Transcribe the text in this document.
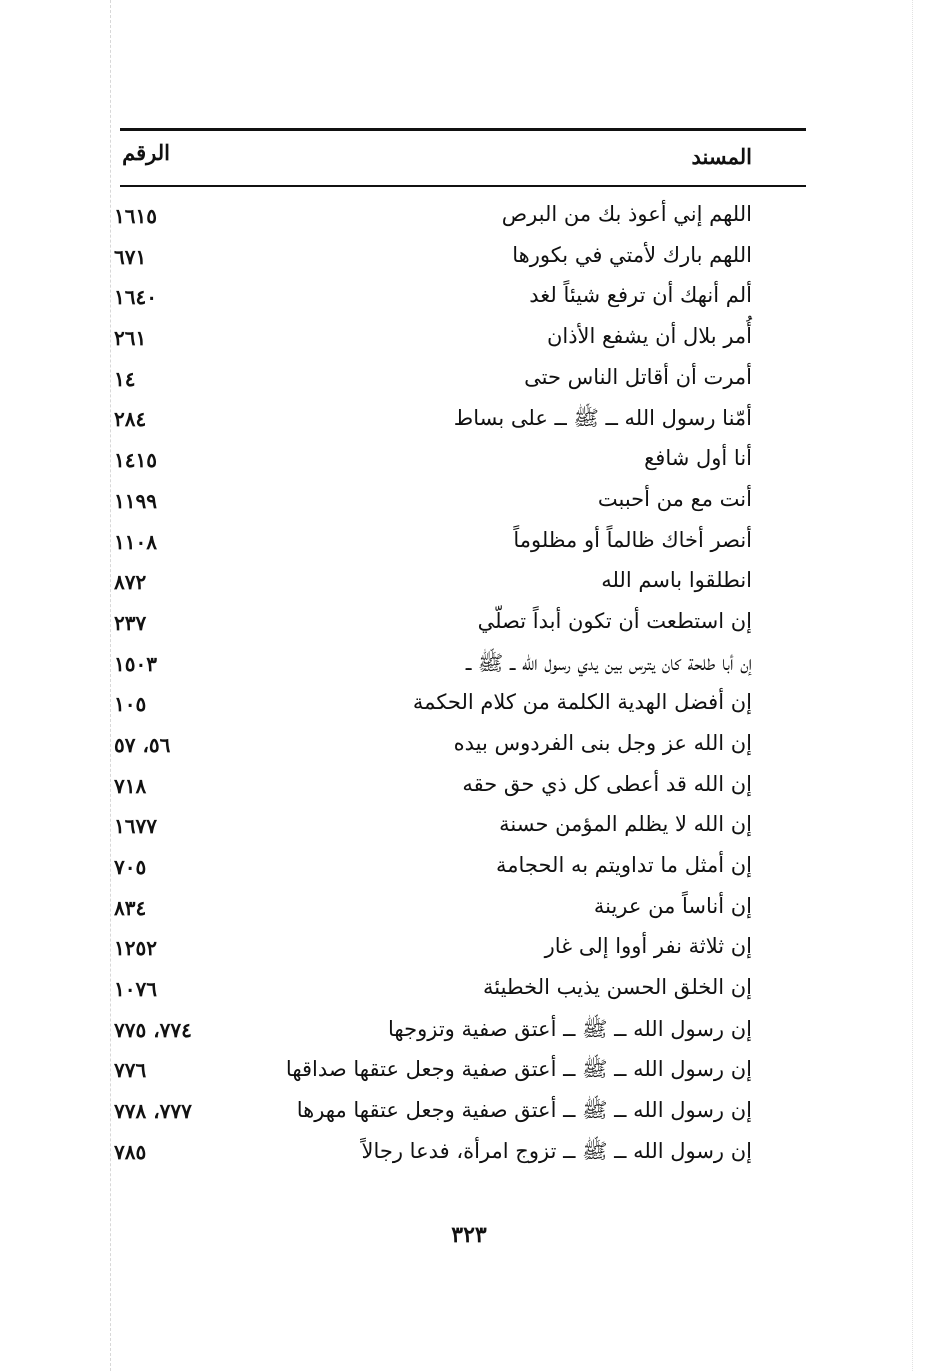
المسند
الرقم
اللهم إني أعوذ بك من البرص
١٦١٥
اللهم بارك لأمتي في بكورها
٦٧١
ألم أنهك أن ترفع شيئاً لغد
١٦٤٠
أُمر بلال أن يشفع الأذان
٢٦١
أمرت أن أقاتل الناس حتى
١٤
أمّنا رسول الله ــ ﷺ ــ على بساط
٢٨٤
أنا أول شافع
١٤١٥
أنت مع من أحببت
١١٩٩
أنصر أخاك ظالماً أو مظلوماً
١١٠٨
انطلقوا باسم الله
٨٧٢
إن استطعت أن تكون أبداً تصلّي
٢٣٧
إن أبا طلحة كان يترس بين يدي رسول الله ــ ﷺ ــ
١٥٠٣
إن أفضل الهدية الكلمة من كلام الحكمة
١٠٥
إن الله عز وجل بنى الفردوس بيده
٥٦، ٥٧
إن الله قد أعطى كل ذي حق حقه
٧١٨
إن الله لا يظلم المؤمن حسنة
١٦٧٧
إن أمثل ما تداويتم به الحجامة
٧٠٥
إن أناساً من عرينة
٨٣٤
إن ثلاثة نفر أووا إلى غار
١٢٥٢
إن الخلق الحسن يذيب الخطيئة
١٠٧٦
إن رسول الله ــ ﷺ ــ أعتق صفية وتزوجها
٧٧٤، ٧٧٥
إن رسول الله ــ ﷺ ــ أعتق صفية وجعل عتقها صداقها
٧٧٦
إن رسول الله ــ ﷺ ــ أعتق صفية وجعل عتقها مهرها
٧٧٧، ٧٧٨
إن رسول الله ــ ﷺ ــ تزوج امرأة، فدعا رجالاً
٧٨٥
٣٢٣
